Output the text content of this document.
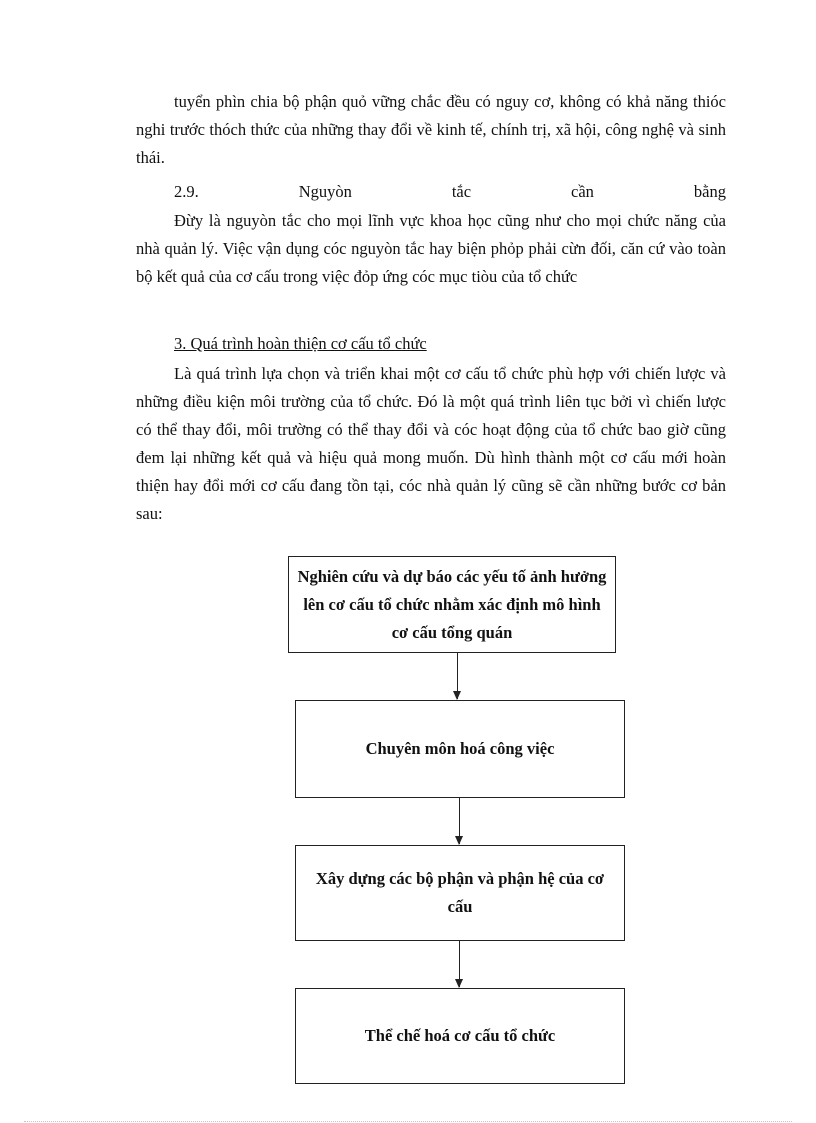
tuyển phìn chia bộ phận quỏ vững chắc đều có nguy cơ, không có khả năng thióc nghi trước thóch thức của những thay đổi về kinh tế, chính trị, xã hội, công nghệ và sinh thái.

2.9.	Nguyòn	tắc	cần	bằng

Đừy là nguyòn tắc cho mọi lĩnh vực khoa học cũng như cho mọi chức năng của nhà quản lý. Việc vận dụng cóc nguyòn tắc hay biện phỏp phải cừn đối, căn cứ vào toàn bộ kết quả của cơ cấu trong việc đỏp ứng cóc mục tiòu của tổ chức

3. Quá trình hoàn thiện cơ cấu tổ chức

Là quá trình lựa chọn và triển khai một cơ cấu tổ chức phù hợp với chiến lược và những điều kiện môi trường của tổ chức. Đó là một quá trình liên tục bởi vì chiến lược có thể thay đổi, môi trường có thể thay đổi và cóc hoạt động của tổ chức bao giờ cũng đem lại những kết quả và hiệu quả mong muốn. Dù hình thành một cơ cấu mới hoàn thiện hay đổi mới cơ cấu đang tồn tại, cóc nhà quản lý cũng sẽ cần những bước cơ bản sau:

Nghiên cứu và dự báo các yếu tố ảnh hưởng lên cơ cấu tổ chức nhằm xác định mô hình cơ cấu tổng quán
Chuyên môn hoá công việc
Xây dựng các bộ phận và phận hệ của cơ cấu
Thể chế hoá cơ cấu tổ chức
